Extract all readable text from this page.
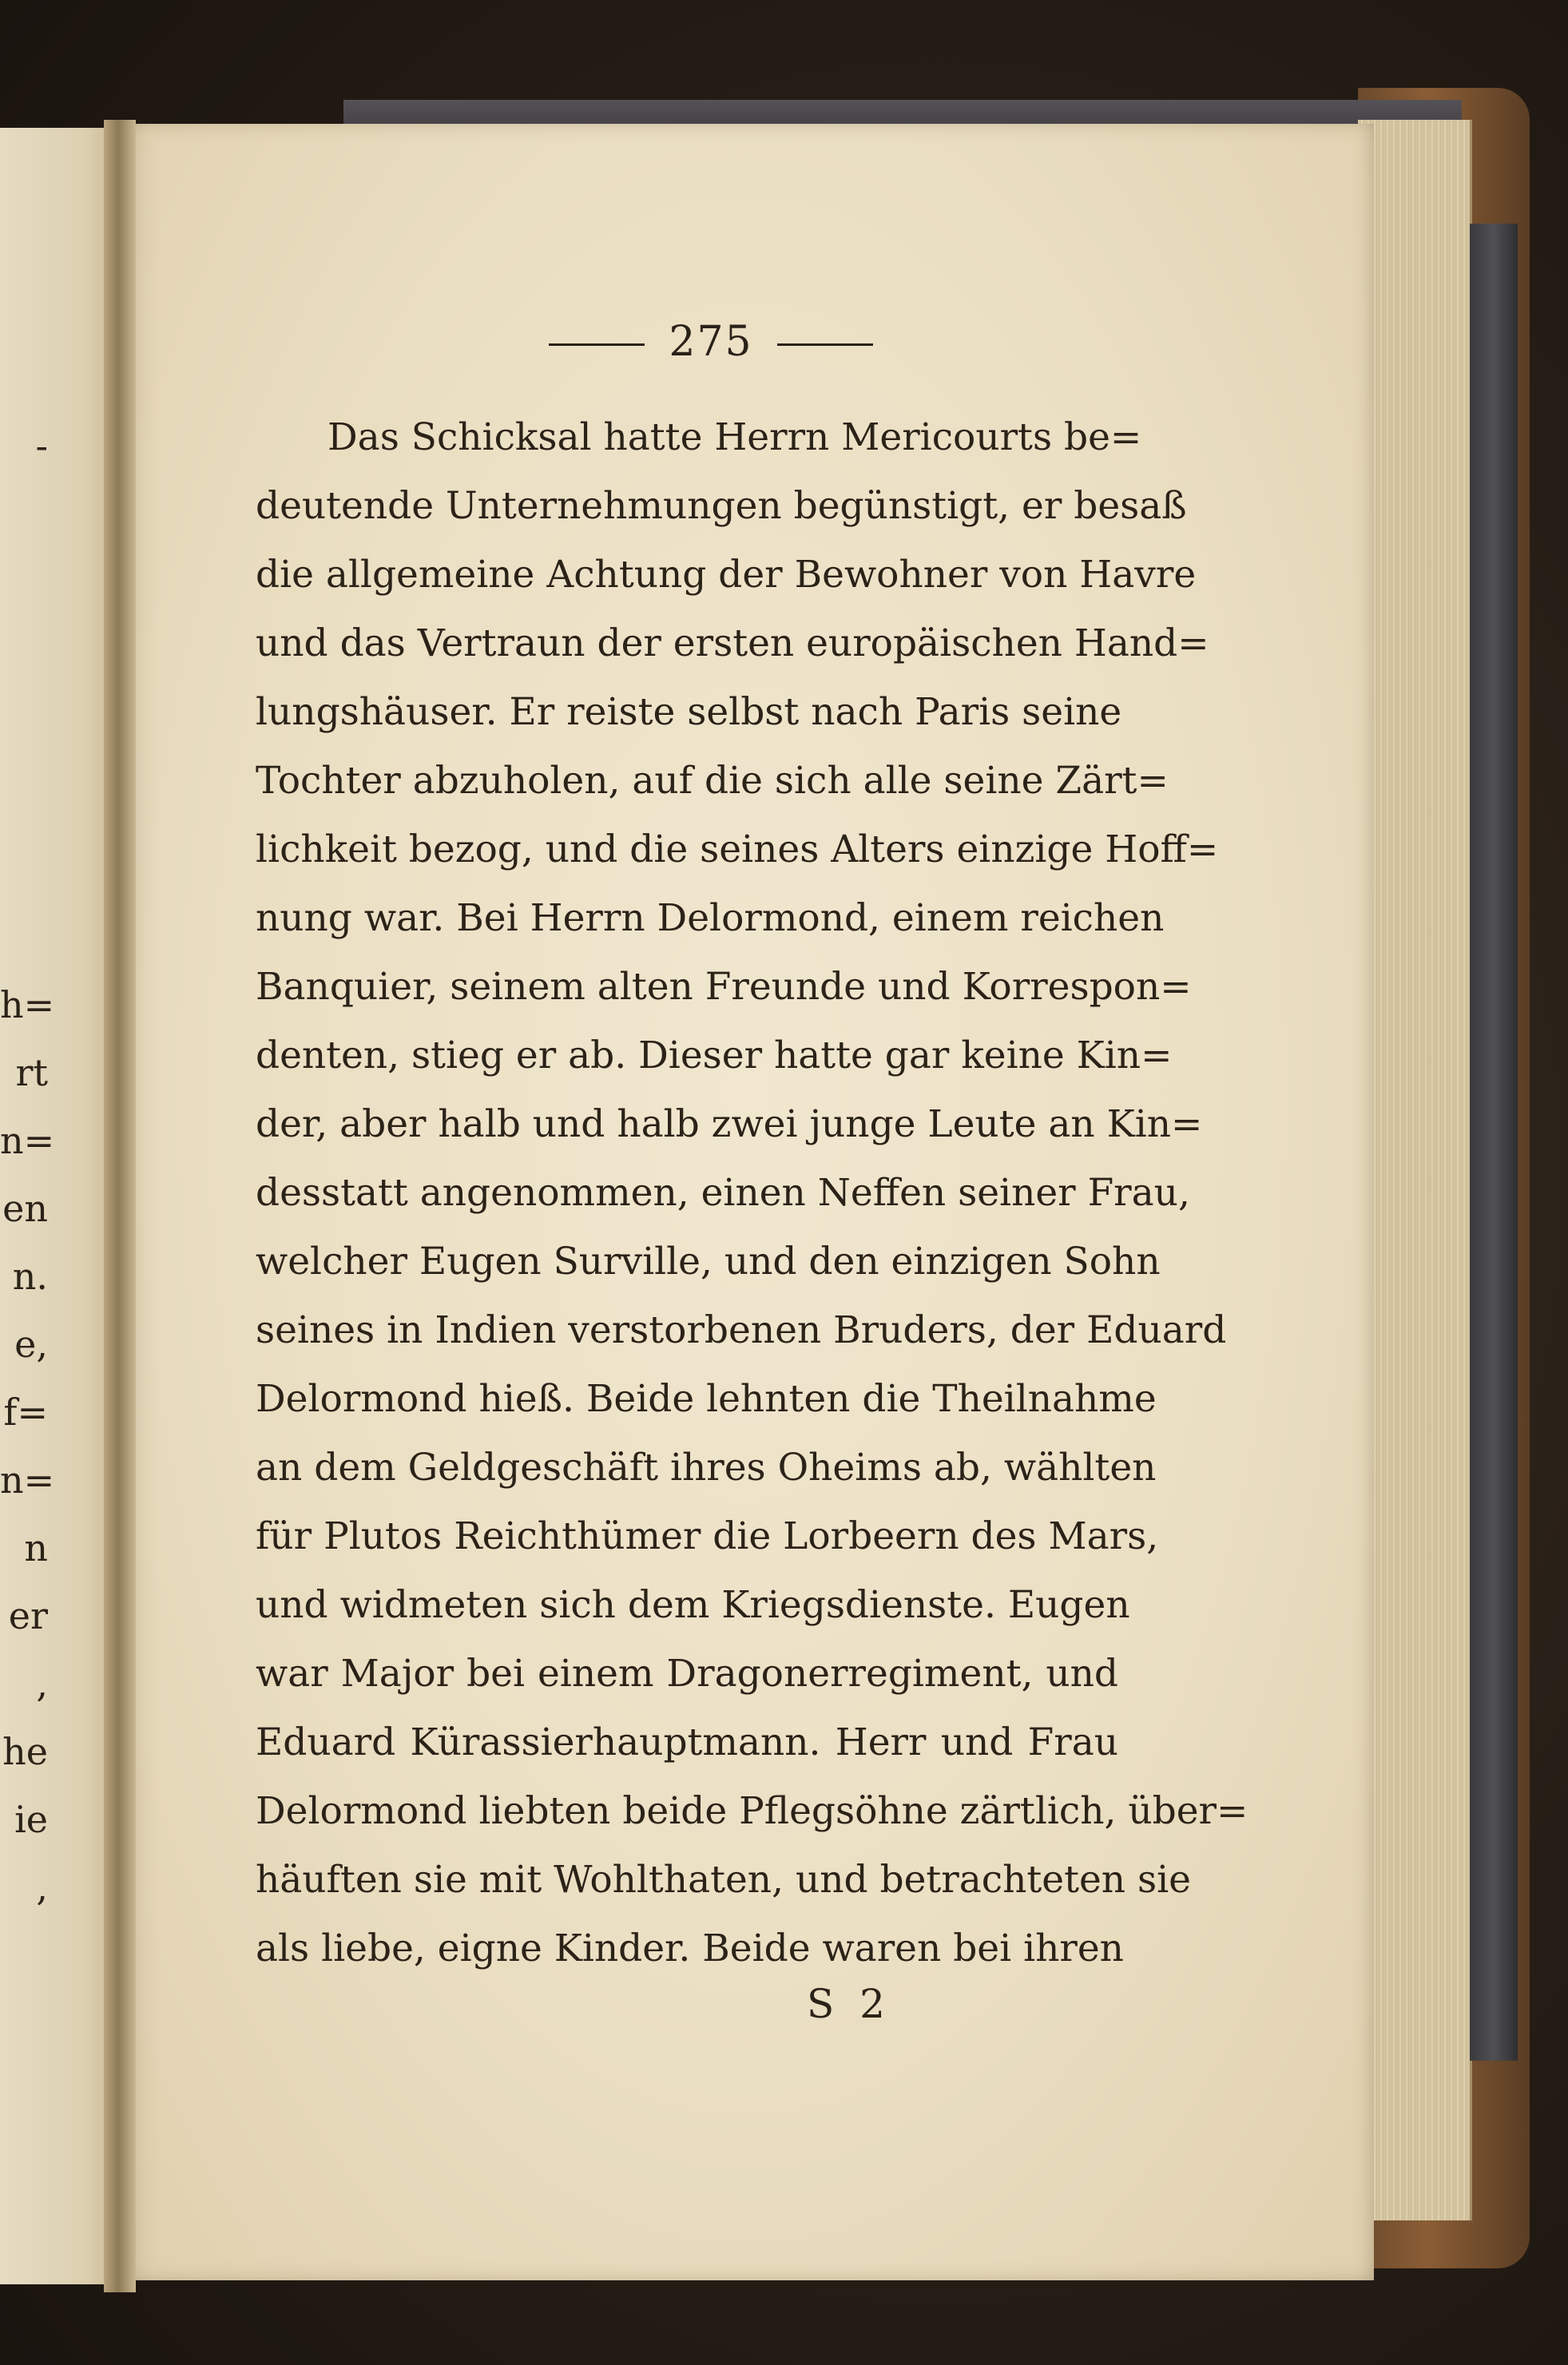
-
h=
rt
n=
en
n.
e,
f=
n=
n
er
,
he
ie
,
275
Das Schicksal hatte Herrn Mericourts be=
deutende Unternehmungen begünstigt, er besaß
die allgemeine Achtung der Bewohner von Havre
und das Vertraun der ersten europäischen Hand=
lungshäuser. Er reiste selbst nach Paris seine
Tochter abzuholen, auf die sich alle seine Zärt=
lichkeit bezog, und die seines Alters einzige Hoff=
nung war. Bei Herrn Delormond, einem reichen
Banquier, seinem alten Freunde und Korrespon=
denten, stieg er ab. Dieser hatte gar keine Kin=
der, aber halb und halb zwei junge Leute an Kin=
desstatt angenommen, einen Neffen seiner Frau,
welcher Eugen Surville, und den einzigen Sohn
seines in Indien verstorbenen Bruders, der Eduard
Delormond hieß. Beide lehnten die Theilnahme
an dem Geldgeschäft ihres Oheims ab, wählten
für Plutos Reichthümer die Lorbeern des Mars,
und widmeten sich dem Kriegsdienste. Eugen
war Major bei einem Dragonerregiment, und
Eduard Kürassierhauptmann. Herr und Frau
Delormond liebten beide Pflegsöhne zärtlich, über=
häuften sie mit Wohlthaten, und betrachteten sie
als liebe, eigne Kinder. Beide waren bei ihren
S 2
